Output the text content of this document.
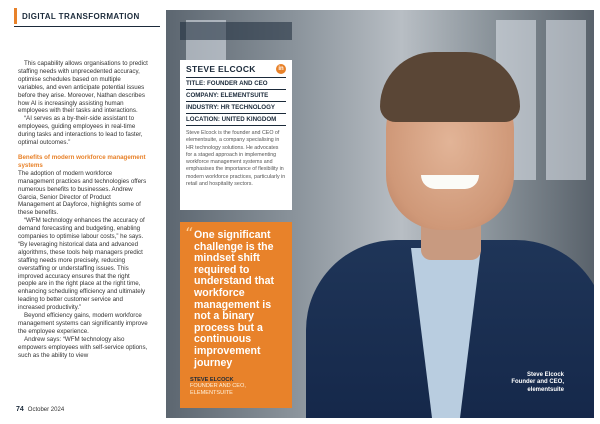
DIGITAL TRANSFORMATION

This capability allows organisations to predict staffing needs with unprecedented accuracy, optimise schedules based on multiple variables, and even anticipate potential issues before they arise. Moreover, Nathan describes how AI is increasingly assisting human employees with their tasks and interactions.

“AI serves as a by-their-side assistant to employees, guiding employees in real-time during tasks and interactions to lead to faster, optimal outcomes.”

Benefits of modern workforce management systems

The adoption of modern workforce management practices and technologies offers numerous benefits to businesses. Andrew Garcia, Senior Director of Product Management at Dayforce, highlights some of these benefits.

“WFM technology enhances the accuracy of demand forecasting and budgeting, enabling companies to optimise labour costs,” he says. “By leveraging historical data and advanced algorithms, these tools help managers predict staffing needs more precisely, reducing overstaffing or understaffing issues. This improved accuracy ensures that the right people are in the right place at the right time, enhancing scheduling efficiency and ultimately leading to better customer service and increased productivity.”

Beyond efficiency gains, modern workforce management systems can significantly improve the employee experience.

Andrew says: “WFM technology also empowers employees with self-service options, such as the ability to view

74 October 2024
Steve Elcock
Founder and CEO,
elementsuite
STEVE ELCOCK	in
TITLE: FOUNDER AND CEO
COMPANY: ELEMENTSUITE
INDUSTRY: HR TECHNOLOGY
LOCATION: UNITED KINGDOM
Steve Elcock is the founder and CEO of elementsuite, a company specialising in HR technology solutions. He advocates for a staged approach in implementing workforce management systems and emphasises the importance of flexibility in modern workforce practices, particularly in retail and hospitality sectors.
“ One significant challenge is the mindset shift required to understand that workforce management is not a binary process but a continuous improvement journey
STEVE ELCOCK
FOUNDER AND CEO, ELEMENTSUITE
